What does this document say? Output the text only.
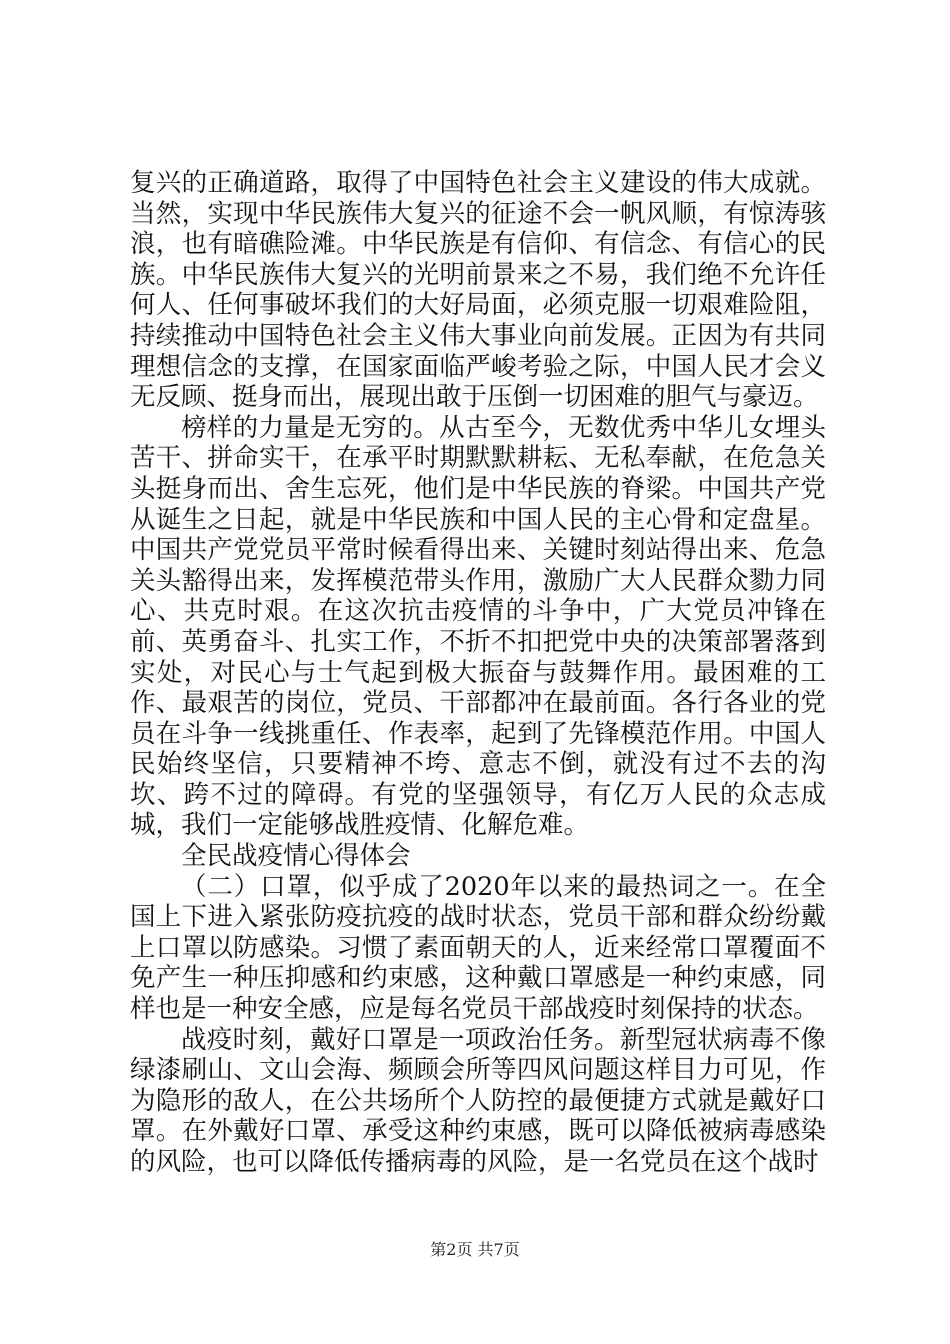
复兴的正确道路，取得了中国特色社会主义建设的伟大成就。当然，实现中华民族伟大复兴的征途不会一帆风顺，有惊涛骇浪，也有暗礁险滩。中华民族是有信仰、有信念、有信心的民族。中华民族伟大复兴的光明前景来之不易，我们绝不允许任何人、任何事破坏我们的大好局面，必须克服一切艰难险阻，持续推动中国特色社会主义伟大事业向前发展。正因为有共同理想信念的支撑，在国家面临严峻考验之际，中国人民才会义无反顾、挺身而出，展现出敢于压倒一切困难的胆气与豪迈。

榜样的力量是无穷的。从古至今，无数优秀中华儿女埋头苦干、拼命实干，在承平时期默默耕耘、无私奉献，在危急关头挺身而出、舍生忘死，他们是中华民族的脊梁。中国共产党从诞生之日起，就是中华民族和中国人民的主心骨和定盘星。中国共产党党员平常时候看得出来、关键时刻站得出来、危急关头豁得出来，发挥模范带头作用，激励广大人民群众勠力同心、共克时艰。在这次抗击疫情的斗争中，广大党员冲锋在前、英勇奋斗、扎实工作，不折不扣把党中央的决策部署落到实处，对民心与士气起到极大振奋与鼓舞作用。最困难的工作、最艰苦的岗位，党员、干部都冲在最前面。各行各业的党员在斗争一线挑重任、作表率，起到了先锋模范作用。中国人民始终坚信，只要精神不垮、意志不倒，就没有过不去的沟坎、跨不过的障碍。有党的坚强领导，有亿万人民的众志成城，我们一定能够战胜疫情、化解危难。

全民战疫情心得体会

（二）口罩，似乎成了2020年以来的最热词之一。在全国上下进入紧张防疫抗疫的战时状态，党员干部和群众纷纷戴上口罩以防感染。习惯了素面朝天的人，近来经常口罩覆面不免产生一种压抑感和约束感，这种戴口罩感是一种约束感，同样也是一种安全感，应是每名党员干部战疫时刻保持的状态。

战疫时刻，戴好口罩是一项政治任务。新型冠状病毒不像绿漆刷山、文山会海、频顾会所等四风问题这样目力可见，作为隐形的敌人，在公共场所个人防控的最便捷方式就是戴好口罩。在外戴好口罩、承受这种约束感，既可以降低被病毒感染的风险，也可以降低传播病毒的风险，是一名党员在这个战时

第2页 共7页
